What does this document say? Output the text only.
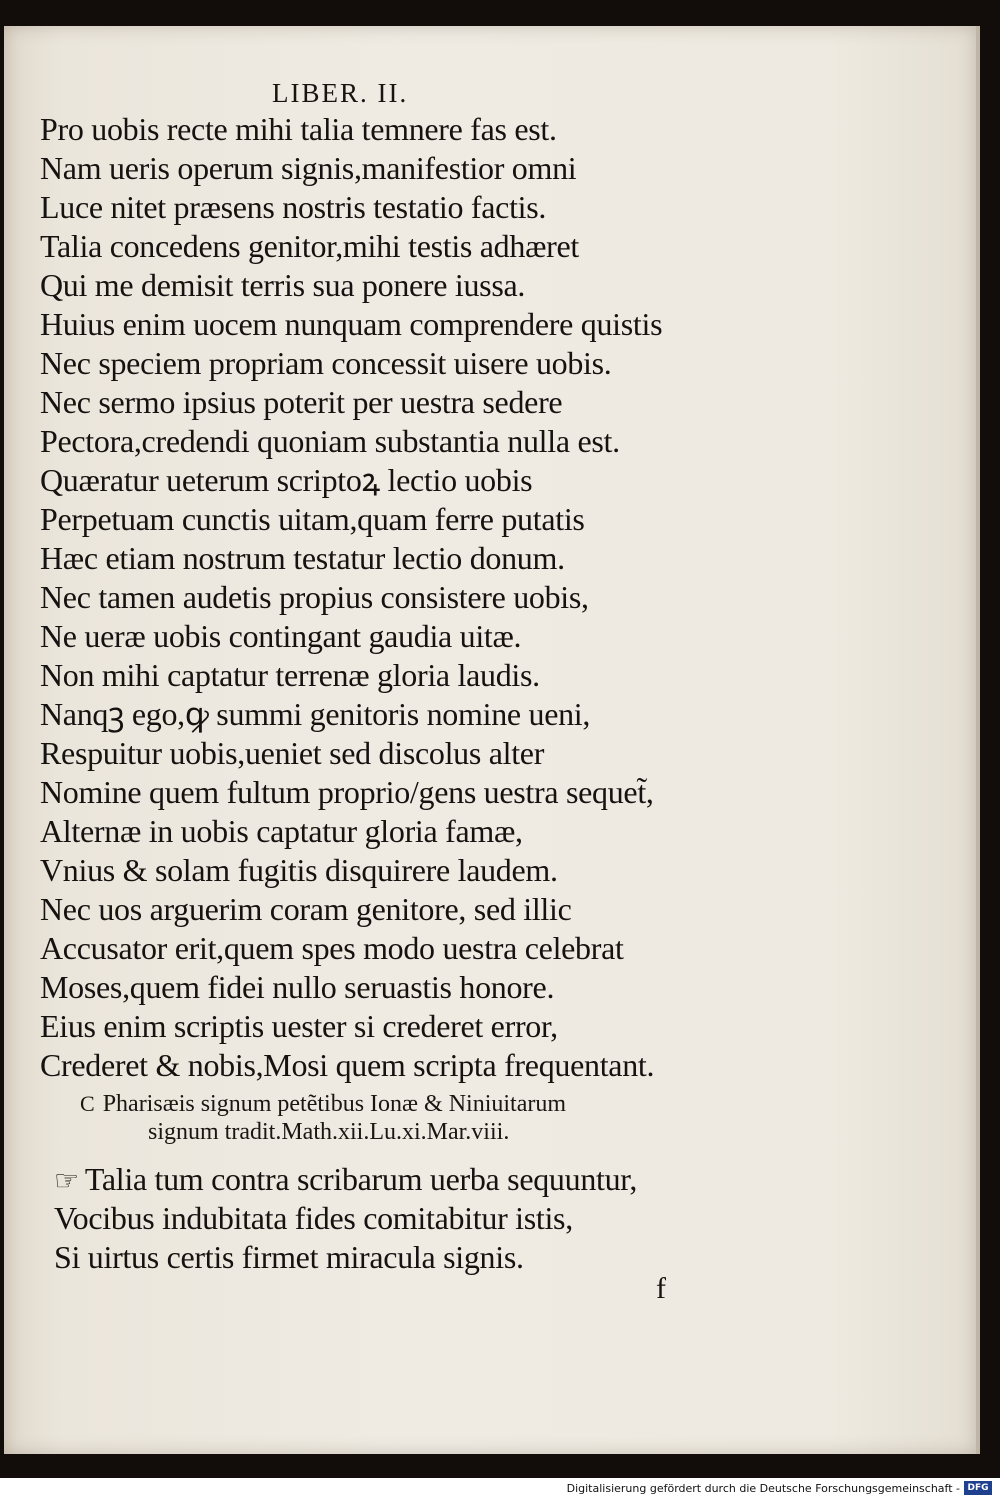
LIBER. II.
Pro uobis recte mihi talia temnere fas est.
Nam ueris operum signis,manifestior omni
Luce nitet præsens nostris testatio factis.
Talia concedens genitor,mihi testis adhæret
Qui me demisit terris sua ponere iussa.
Huius enim uocem nunquam comprendere quistis
Nec speciem propriam concessit uisere uobis.
Nec sermo ipsius poterit per uestra sedere
Pectora,credendi quoniam substantia nulla est.
Quæratur ueterum scriptoꝝ lectio uobis
Perpetuam cunctis uitam,quam ferre putatis
Hæc etiam nostrum testatur lectio donum.
Nec tamen audetis propius consistere uobis,
Ne ueræ uobis contingant gaudia uitæ.
Non mihi captatur terrenæ gloria laudis.
Nanqꝫ ego,ꝙ summi genitoris nomine ueni,
Respuitur uobis,ueniet sed discolus alter
Nomine quem fultum proprio/gens uestra sequet̃,
Alternæ in uobis captatur gloria famæ,
Vnius & solam fugitis disquirere laudem.
Nec uos arguerim coram genitore, sed illic
Accusator erit,quem spes modo uestra celebrat
Moses,quem fidei nullo seruastis honore.
Eius enim scriptis uester si crederet error,
Crederet & nobis,Mosi quem scripta frequentant.
C Pharisæis signum petẽtibus Ionæ & Niniuitarum
signum tradit.Math.xii.Lu.xi.Mar.viii.
☞ Talia tum contra scribarum uerba sequuntur,
Vocibus indubitata fides comitabitur istis,
Si uirtus certis firmet miracula signis.
f
Digitalisierung gefördert durch die Deutsche Forschungsgemeinschaft - DFG
